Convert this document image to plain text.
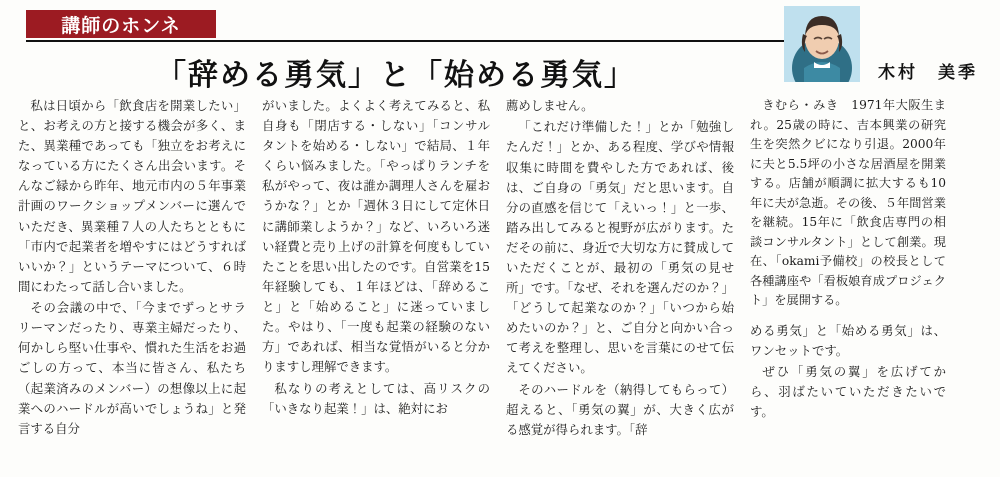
講師のホンネ
「辞める勇気」と「始める勇気」	木村　美季

私は日頃から「飲食店を開業したい」と、お考えの方と接する機会が多く、また、異業種であっても「独立をお考えになっている方にたくさん出会います。そんなご縁から昨年、地元市内の５年事業計画のワークショップメンバーに選んでいただき、異業種７人の人たちとともに「市内で起業者を増やすにはどうすればいいか？」というテーマについて、６時間にわたって話し合いました。

その会議の中で、「今までずっとサラリーマンだったり、専業主婦だったり、何かしら堅い仕事や、慣れた生活をお過ごしの方って、本当に皆さん、私たち（起業済みのメンバー）の想像以上に起業へのハードルが高いでしょうね」と発言する自分

がいました。よくよく考えてみると、私自身も「閉店する・しない」「コンサルタントを始める・しない」で結局、１年くらい悩みました。「やっぱりランチを私がやって、夜は誰か調理人さんを雇おうかな？」とか「週休３日にして定休日に講師業しようか？」など、いろいろ迷い経費と売り上げの計算を何度もしていたことを思い出したのです。自営業を15年経験しても、１年ほどは、「辞めること」と「始めること」に迷っていました。やはり、「一度も起業の経験のない方」であれば、相当な覚悟がいると分かりますし理解できます。

私なりの考えとしては、高リスクの「いきなり起業！」は、絶対にお

薦めしません。

「これだけ準備した！」とか「勉強したんだ！」とか、ある程度、学びや情報収集に時間を費やした方であれば、後は、ご自身の「勇気」だと思います。自分の直感を信じて「えいっ！」と一歩、踏み出してみると視野が広がります。ただその前に、身近で大切な方に賛成していただくことが、最初の「勇気の見せ所」です。「なぜ、それを選んだのか？」「どうして起業なのか？」「いつから始めたいのか？」と、ご自分と向かい合って考えを整理し、思いを言葉にのせて伝えてください。

そのハードルを（納得してもらって）超えると、「勇気の翼」が、大きく広がる感覚が得られます。「辞

きむら・みき　1971年大阪生まれ。25歳の時に、吉本興業の研究生を突然クビになり引退。2000年に夫と5.5坪の小さな居酒屋を開業する。店舗が順調に拡大するも10年に夫が急逝。その後、５年間営業を継続。15年に「飲食店専門の相談コンサルタント」として創業。現在、「okami予備校」の校長として各種講座や「看板娘育成プロジェクト」を展開する。

める勇気」と「始める勇気」は、ワンセットです。

ぜひ「勇気の翼」を広げてから、羽ばたいていただきたいです。
